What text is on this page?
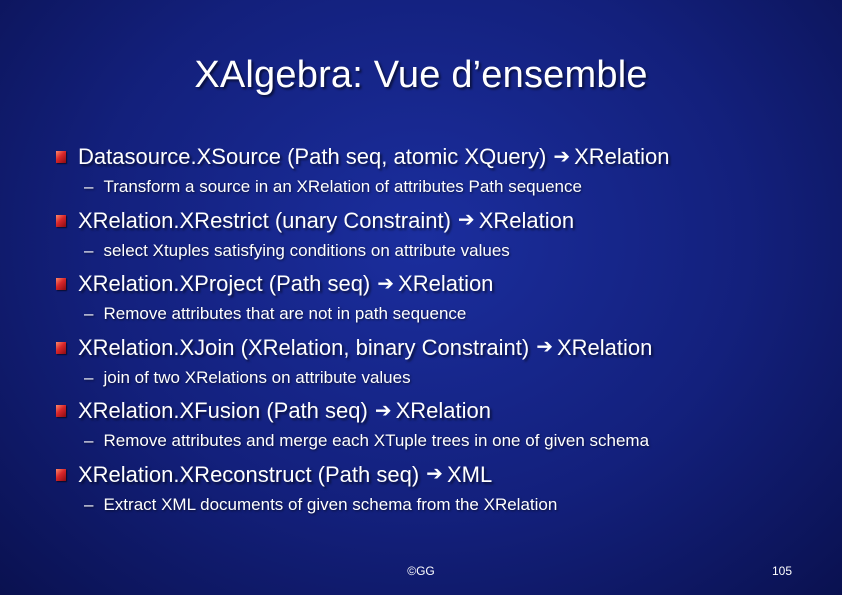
XAlgebra: Vue d’ensemble
Datasource.XSource (Path seq, atomic XQuery) ➔ XRelation
– Transform a source in an XRelation of attributes Path sequence
XRelation.XRestrict (unary Constraint) ➔ XRelation
– select Xtuples satisfying conditions on attribute values
XRelation.XProject (Path seq) ➔ XRelation
– Remove attributes that are not in path sequence
XRelation.XJoin (XRelation, binary Constraint) ➔ XRelation
– join of two XRelations on attribute values
XRelation.XFusion (Path seq) ➔ XRelation
– Remove attributes and merge each XTuple trees in one of given schema
XRelation.XReconstruct (Path seq) ➔ XML
– Extract XML documents of given schema from the XRelation
©GG	105
